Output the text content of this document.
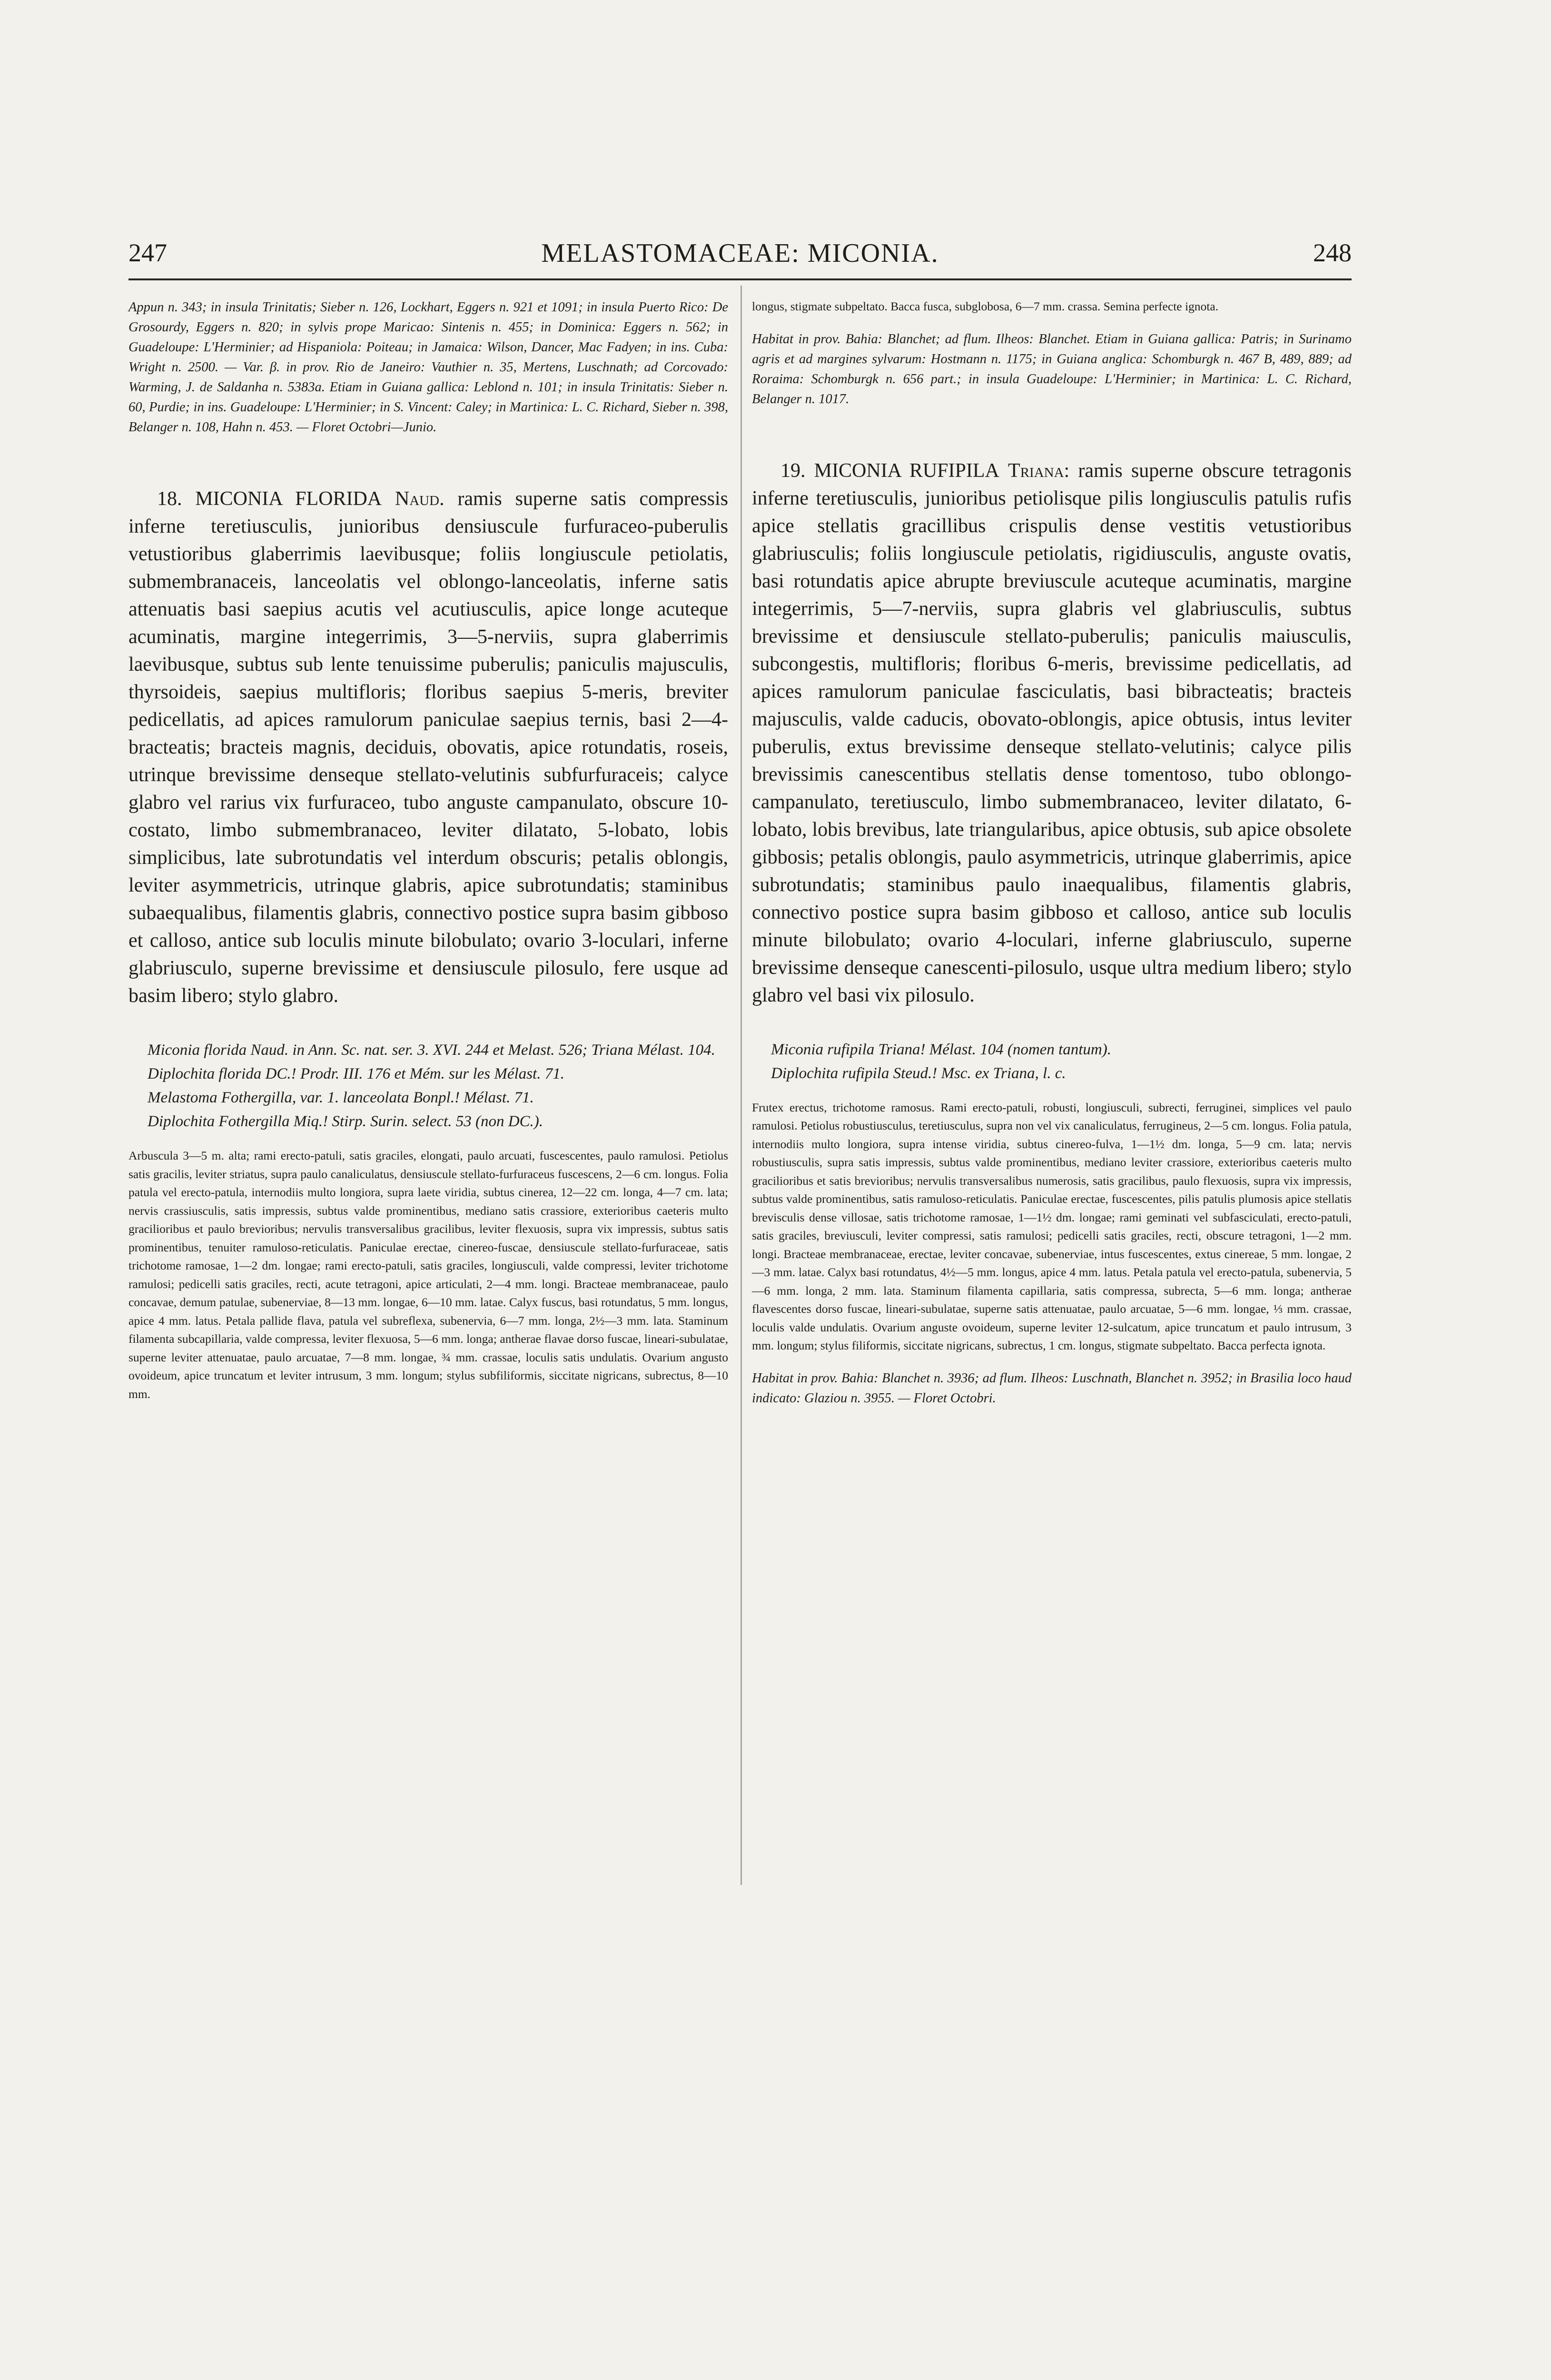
247	MELASTOMACEAE: MICONIA.	248

Appun n. 343; in insula Trinitatis; Sieber n. 126, Lockhart, Eggers n. 921 et 1091; in insula Puerto Rico: De Grosourdy, Eggers n. 820; in sylvis prope Maricao: Sintenis n. 455; in Dominica: Eggers n. 562; in Guadeloupe: L'Herminier; ad Hispaniola: Poiteau; in Jamaica: Wilson, Dancer, Mac Fadyen; in ins. Cuba: Wright n. 2500. — Var. β. in prov. Rio de Janeiro: Vauthier n. 35, Mertens, Luschnath; ad Corcovado: Warming, J. de Saldanha n. 5383a. Etiam in Guiana gallica: Leblond n. 101; in insula Trinitatis: Sieber n. 60, Purdie; in ins. Guadeloupe: L'Herminier; in S. Vincent: Caley; in Martinica: L. C. Richard, Sieber n. 398, Belanger n. 108, Hahn n. 453. — Floret Octobri—Junio.

18. MICONIA FLORIDA Naud. ramis superne satis compressis inferne teretiusculis, junioribus densiuscule furfuraceo-puberulis vetustioribus glaberrimis laevibusque; foliis longiuscule petiolatis, submembranaceis, lanceolatis vel oblongo-lanceolatis, inferne satis attenuatis basi saepius acutis vel acutiusculis, apice longe acuteque acuminatis, margine integerrimis, 3—5-nerviis, supra glaberrimis laevibusque, subtus sub lente tenuissime puberulis; paniculis majusculis, thyrsoideis, saepius multifloris; floribus saepius 5-meris, breviter pedicellatis, ad apices ramulorum paniculae saepius ternis, basi 2—4-bracteatis; bracteis magnis, deciduis, obovatis, apice rotundatis, roseis, utrinque brevissime denseque stellato-velutinis subfurfuraceis; calyce glabro vel rarius vix furfuraceo, tubo anguste campanulato, obscure 10-costato, limbo submembranaceo, leviter dilatato, 5-lobato, lobis simplicibus, late subrotundatis vel interdum obscuris; petalis oblongis, leviter asymmetricis, utrinque glabris, apice subrotundatis; staminibus subaequalibus, filamentis glabris, connectivo postice supra basim gibboso et calloso, antice sub loculis minute bilobulato; ovario 3-loculari, inferne glabriusculo, superne brevissime et densiuscule pilosulo, fere usque ad basim libero; stylo glabro.

Miconia florida Naud. in Ann. Sc. nat. ser. 3. XVI. 244 et Melast. 526; Triana Mélast. 104.

Diplochita florida DC.! Prodr. III. 176 et Mém. sur les Mélast. 71.

Melastoma Fothergilla, var. 1. lanceolata Bonpl.! Mélast. 71.

Diplochita Fothergilla Miq.! Stirp. Surin. select. 53 (non DC.).

Arbuscula 3—5 m. alta; rami erecto-patuli, satis graciles, elongati, paulo arcuati, fuscescentes, paulo ramulosi. Petiolus satis gracilis, leviter striatus, supra paulo canaliculatus, densiuscule stellato-furfuraceus fuscescens, 2—6 cm. longus. Folia patula vel erecto-patula, internodiis multo longiora, supra laete viridia, subtus cinerea, 12—22 cm. longa, 4—7 cm. lata; nervis crassiusculis, satis impressis, subtus valde prominentibus, mediano satis crassiore, exterioribus caeteris multo gracilioribus et paulo brevioribus; nervulis transversalibus gracilibus, leviter flexuosis, supra vix impressis, subtus satis prominentibus, tenuiter ramuloso-reticulatis. Paniculae erectae, cinereo-fuscae, densiuscule stellato-furfuraceae, satis trichotome ramosae, 1—2 dm. longae; rami erecto-patuli, satis graciles, longiusculi, valde compressi, leviter trichotome ramulosi; pedicelli satis graciles, recti, acute tetragoni, apice articulati, 2—4 mm. longi. Bracteae membranaceae, paulo concavae, demum patulae, subenerviae, 8—13 mm. longae, 6—10 mm. latae. Calyx fuscus, basi rotundatus, 5 mm. longus, apice 4 mm. latus. Petala pallide flava, patula vel subreflexa, subenervia, 6—7 mm. longa, 2½—3 mm. lata. Staminum filamenta subcapillaria, valde compressa, leviter flexuosa, 5—6 mm. longa; antherae flavae dorso fuscae, lineari-subulatae, superne leviter attenuatae, paulo arcuatae, 7—8 mm. longae, ¾ mm. crassae, loculis satis undulatis. Ovarium angusto ovoideum, apice truncatum et leviter intrusum, 3 mm. longum; stylus subfiliformis, siccitate nigricans, subrectus, 8—10 mm.

longus, stigmate subpeltato. Bacca fusca, subglobosa, 6—7 mm. crassa. Semina perfecte ignota.

Habitat in prov. Bahia: Blanchet; ad flum. Ilheos: Blanchet. Etiam in Guiana gallica: Patris; in Surinamo agris et ad margines sylvarum: Hostmann n. 1175; in Guiana anglica: Schomburgk n. 467 B, 489, 889; ad Roraima: Schomburgk n. 656 part.; in insula Guadeloupe: L'Herminier; in Martinica: L. C. Richard, Belanger n. 1017.

19. MICONIA RUFIPILA Triana: ramis superne obscure tetragonis inferne teretiusculis, junioribus petiolisque pilis longiusculis patulis rufis apice stellatis gracillibus crispulis dense vestitis vetustioribus glabriusculis; foliis longiuscule petiolatis, rigidiusculis, anguste ovatis, basi rotundatis apice abrupte breviuscule acuteque acuminatis, margine integerrimis, 5—7-nerviis, supra glabris vel glabriusculis, subtus brevissime et densiuscule stellato-puberulis; paniculis maiusculis, subcongestis, multifloris; floribus 6-meris, brevissime pedicellatis, ad apices ramulorum paniculae fasciculatis, basi bibracteatis; bracteis majusculis, valde caducis, obovato-oblongis, apice obtusis, intus leviter puberulis, extus brevissime denseque stellato-velutinis; calyce pilis brevissimis canescentibus stellatis dense tomentoso, tubo oblongo-campanulato, teretiusculo, limbo submembranaceo, leviter dilatato, 6-lobato, lobis brevibus, late triangularibus, apice obtusis, sub apice obsolete gibbosis; petalis oblongis, paulo asymmetricis, utrinque glaberrimis, apice subrotundatis; staminibus paulo inaequalibus, filamentis glabris, connectivo postice supra basim gibboso et calloso, antice sub loculis minute bilobulato; ovario 4-loculari, inferne glabriusculo, superne brevissime denseque canescenti-pilosulo, usque ultra medium libero; stylo glabro vel basi vix pilosulo.

Miconia rufipila Triana! Mélast. 104 (nomen tantum).

Diplochita rufipila Steud.! Msc. ex Triana, l. c.

Frutex erectus, trichotome ramosus. Rami erecto-patuli, robusti, longiusculi, subrecti, ferruginei, simplices vel paulo ramulosi. Petiolus robustiusculus, teretiusculus, supra non vel vix canaliculatus, ferrugineus, 2—5 cm. longus. Folia patula, internodiis multo longiora, supra intense viridia, subtus cinereo-fulva, 1—1½ dm. longa, 5—9 cm. lata; nervis robustiusculis, supra satis impressis, subtus valde prominentibus, mediano leviter crassiore, exterioribus caeteris multo gracilioribus et satis brevioribus; nervulis transversalibus numerosis, satis gracilibus, paulo flexuosis, supra vix impressis, subtus valde prominentibus, satis ramuloso-reticulatis. Paniculae erectae, fuscescentes, pilis patulis plumosis apice stellatis brevisculis dense villosae, satis trichotome ramosae, 1—1½ dm. longae; rami geminati vel subfasciculati, erecto-patuli, satis graciles, breviusculi, leviter compressi, satis ramulosi; pedicelli satis graciles, recti, obscure tetragoni, 1—2 mm. longi. Bracteae membranaceae, erectae, leviter concavae, subenerviae, intus fuscescentes, extus cinereae, 5 mm. longae, 2—3 mm. latae. Calyx basi rotundatus, 4½—5 mm. longus, apice 4 mm. latus. Petala patula vel erecto-patula, subenervia, 5—6 mm. longa, 2 mm. lata. Staminum filamenta capillaria, satis compressa, subrecta, 5—6 mm. longa; antherae flavescentes dorso fuscae, lineari-subulatae, superne satis attenuatae, paulo arcuatae, 5—6 mm. longae, ⅓ mm. crassae, loculis valde undulatis. Ovarium anguste ovoideum, superne leviter 12-sulcatum, apice truncatum et paulo intrusum, 3 mm. longum; stylus filiformis, siccitate nigricans, subrectus, 1 cm. longus, stigmate subpeltato. Bacca perfecta ignota.

Habitat in prov. Bahia: Blanchet n. 3936; ad flum. Ilheos: Luschnath, Blanchet n. 3952; in Brasilia loco haud indicato: Glaziou n. 3955. — Floret Octobri.
